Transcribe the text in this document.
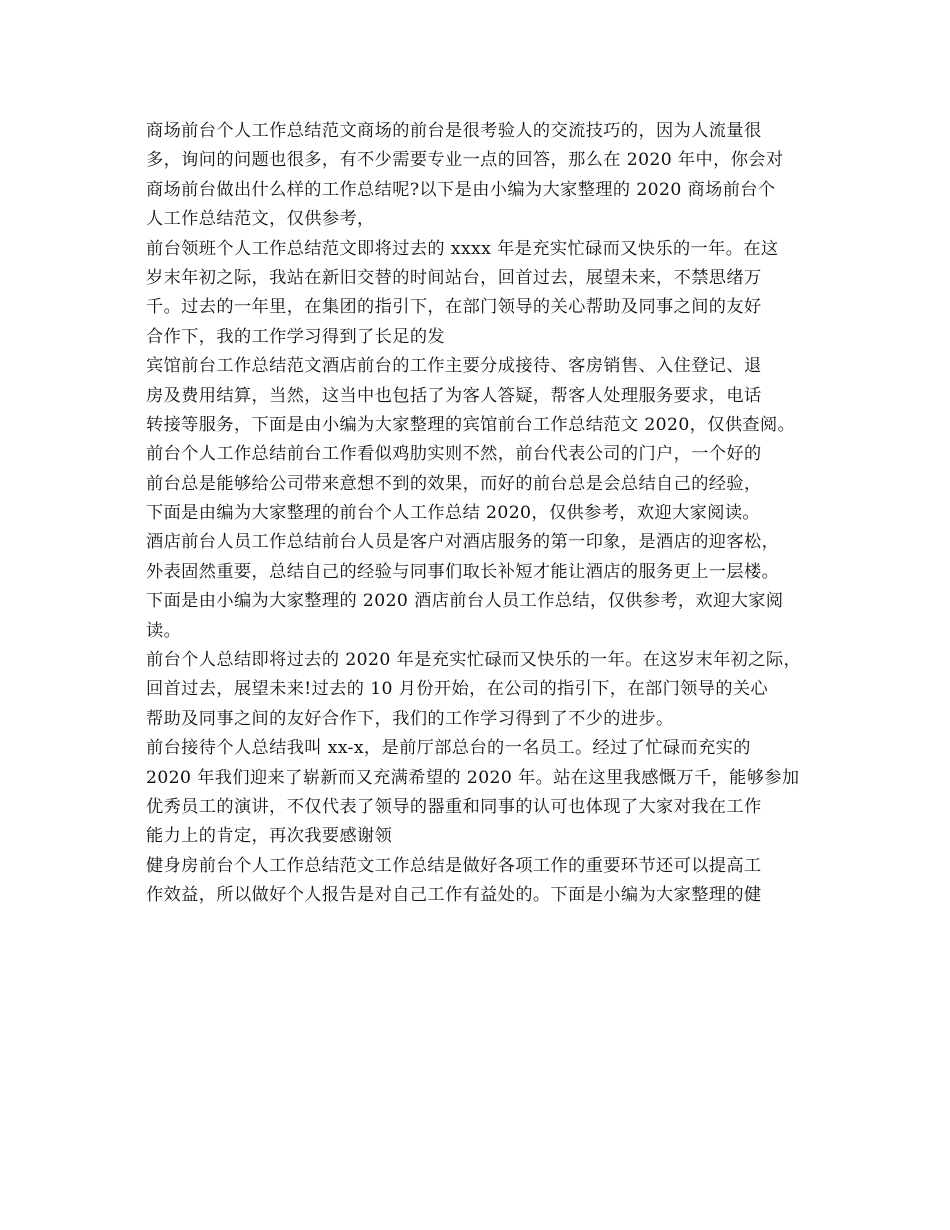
商场前台个人工作总结范文商场的前台是很考验人的交流技巧的，因为人流量很
多，询问的问题也很多，有不少需要专业一点的回答，那么在 2020 年中，你会对
商场前台做出什么样的工作总结呢?以下是由小编为大家整理的 2020 商场前台个
人工作总结范文，仅供参考，
前台领班个人工作总结范文即将过去的 xxxx 年是充实忙碌而又快乐的一年。在这
岁末年初之际，我站在新旧交替的时间站台，回首过去，展望未来，不禁思绪万
千。过去的一年里，在集团的指引下，在部门领导的关心帮助及同事之间的友好
合作下，我的工作学习得到了长足的发
宾馆前台工作总结范文酒店前台的工作主要分成接待、客房销售、入住登记、退
房及费用结算，当然，这当中也包括了为客人答疑，帮客人处理服务要求，电话
转接等服务，下面是由小编为大家整理的宾馆前台工作总结范文 2020，仅供查阅。
前台个人工作总结前台工作看似鸡肋实则不然，前台代表公司的门户，一个好的
前台总是能够给公司带来意想不到的效果，而好的前台总是会总结自己的经验，
下面是由编为大家整理的前台个人工作总结 2020，仅供参考，欢迎大家阅读。
酒店前台人员工作总结前台人员是客户对酒店服务的第一印象，是酒店的迎客松，
外表固然重要，总结自己的经验与同事们取长补短才能让酒店的服务更上一层楼。
下面是由小编为大家整理的 2020 酒店前台人员工作总结，仅供参考，欢迎大家阅
读。
前台个人总结即将过去的 2020 年是充实忙碌而又快乐的一年。在这岁末年初之际，
回首过去，展望未来!过去的 10 月份开始，在公司的指引下，在部门领导的关心
帮助及同事之间的友好合作下，我们的工作学习得到了不少的进步。
前台接待个人总结我叫 xx-x，是前厅部总台的一名员工。经过了忙碌而充实的
2020 年我们迎来了崭新而又充满希望的 2020 年。站在这里我感慨万千，能够参加
优秀员工的演讲，不仅代表了领导的器重和同事的认可也体现了大家对我在工作
能力上的肯定，再次我要感谢领
健身房前台个人工作总结范文工作总结是做好各项工作的重要环节还可以提高工
作效益，所以做好个人报告是对自己工作有益处的。下面是小编为大家整理的健
